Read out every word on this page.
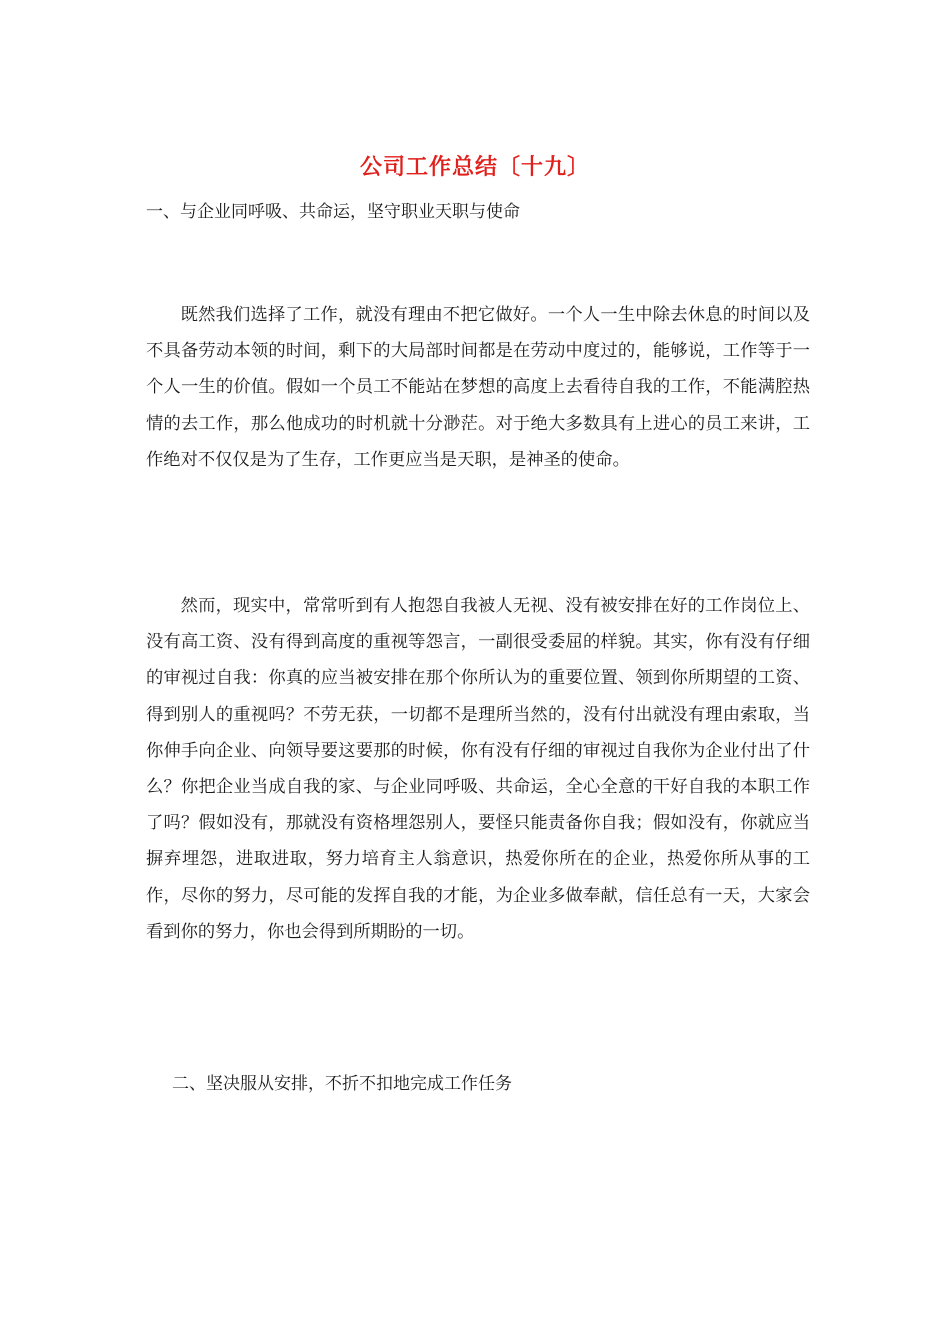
公司工作总结〔十九〕
一、与企业同呼吸、共命运，坚守职业天职与使命
既然我们选择了工作，就没有理由不把它做好。一个人一生中除去休息的时间以及不具备劳动本领的时间，剩下的大局部时间都是在劳动中度过的，能够说，工作等于一个人一生的价值。假如一个员工不能站在梦想的高度上去看待自我的工作，不能满腔热情的去工作，那么他成功的时机就十分渺茫。对于绝大多数具有上进心的员工来讲，工作绝对不仅仅是为了生存，工作更应当是天职，是神圣的使命。
然而，现实中，常常听到有人抱怨自我被人无视、没有被安排在好的工作岗位上、没有高工资、没有得到高度的重视等怨言，一副很受委屈的样貌。其实，你有没有仔细的审视过自我：你真的应当被安排在那个你所认为的重要位置、领到你所期望的工资、得到别人的重视吗？不劳无获，一切都不是理所当然的，没有付出就没有理由索取，当你伸手向企业、向领导要这要那的时候，你有没有仔细的审视过自我你为企业付出了什么？你把企业当成自我的家、与企业同呼吸、共命运，全心全意的干好自我的本职工作了吗？假如没有，那就没有资格埋怨别人，要怪只能责备你自我；假如没有，你就应当摒弃埋怨，进取进取，努力培育主人翁意识，热爱你所在的企业，热爱你所从事的工作，尽你的努力，尽可能的发挥自我的才能，为企业多做奉献，信任总有一天，大家会看到你的努力，你也会得到所期盼的一切。
二、坚决服从安排，不折不扣地完成工作任务
